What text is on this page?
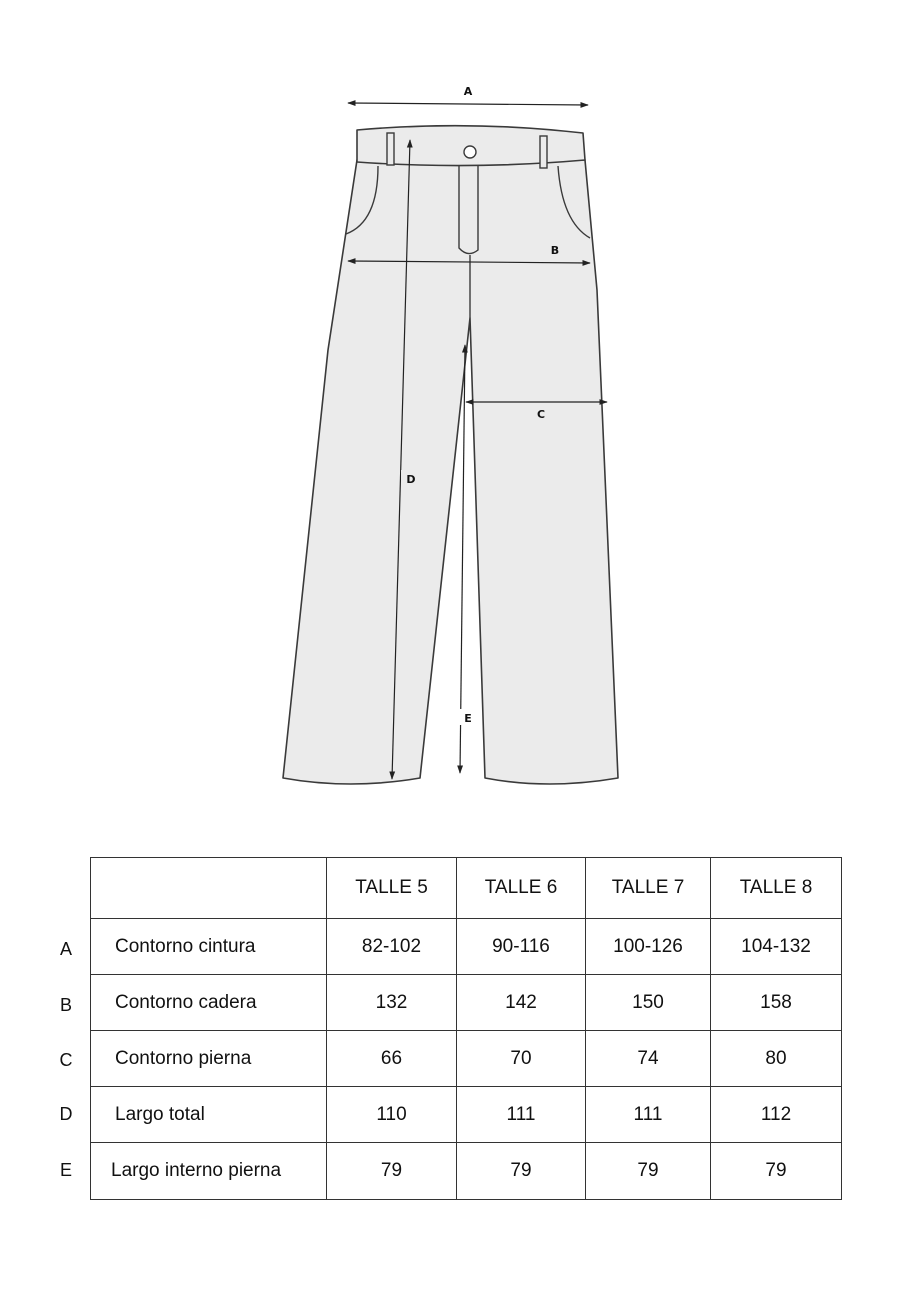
A
B
C
D
E
A
B
C
D
E
	TALLE 5	TALLE 6	TALLE 7	TALLE 8
Contorno cintura	82-102	90-116	100-126	104-132
Contorno cadera	132	142	150	158
Contorno pierna	66	70	74	80
Largo total	110	111	111	112
Largo interno pierna	79	79	79	79
